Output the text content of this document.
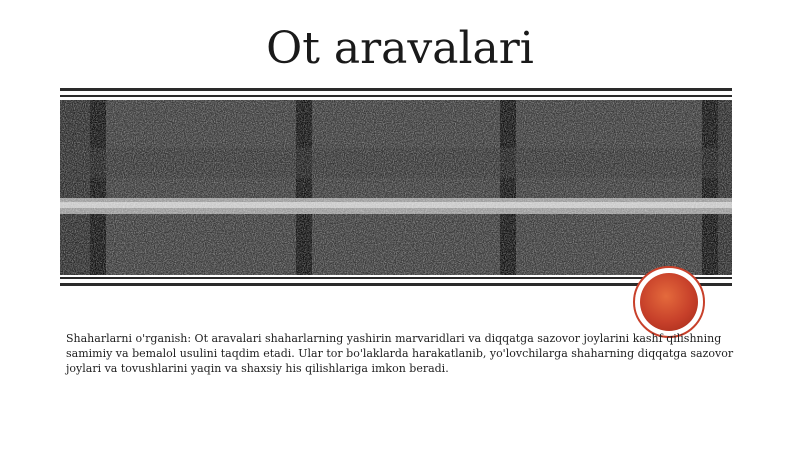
Ot aravalari

Shaharlarni o'rganish: Ot aravalari shaharlarning yashirin marvaridlari va diqqatga sazovor joylarini kashf qilishning samimiy va bemalol usulini taqdim etadi. Ular tor bo'laklarda harakatlanib, yo'lovchilarga shaharning diqqatga sazovor joylari va tovushlarini yaqin va shaxsiy his qilishlariga imkon beradi.
